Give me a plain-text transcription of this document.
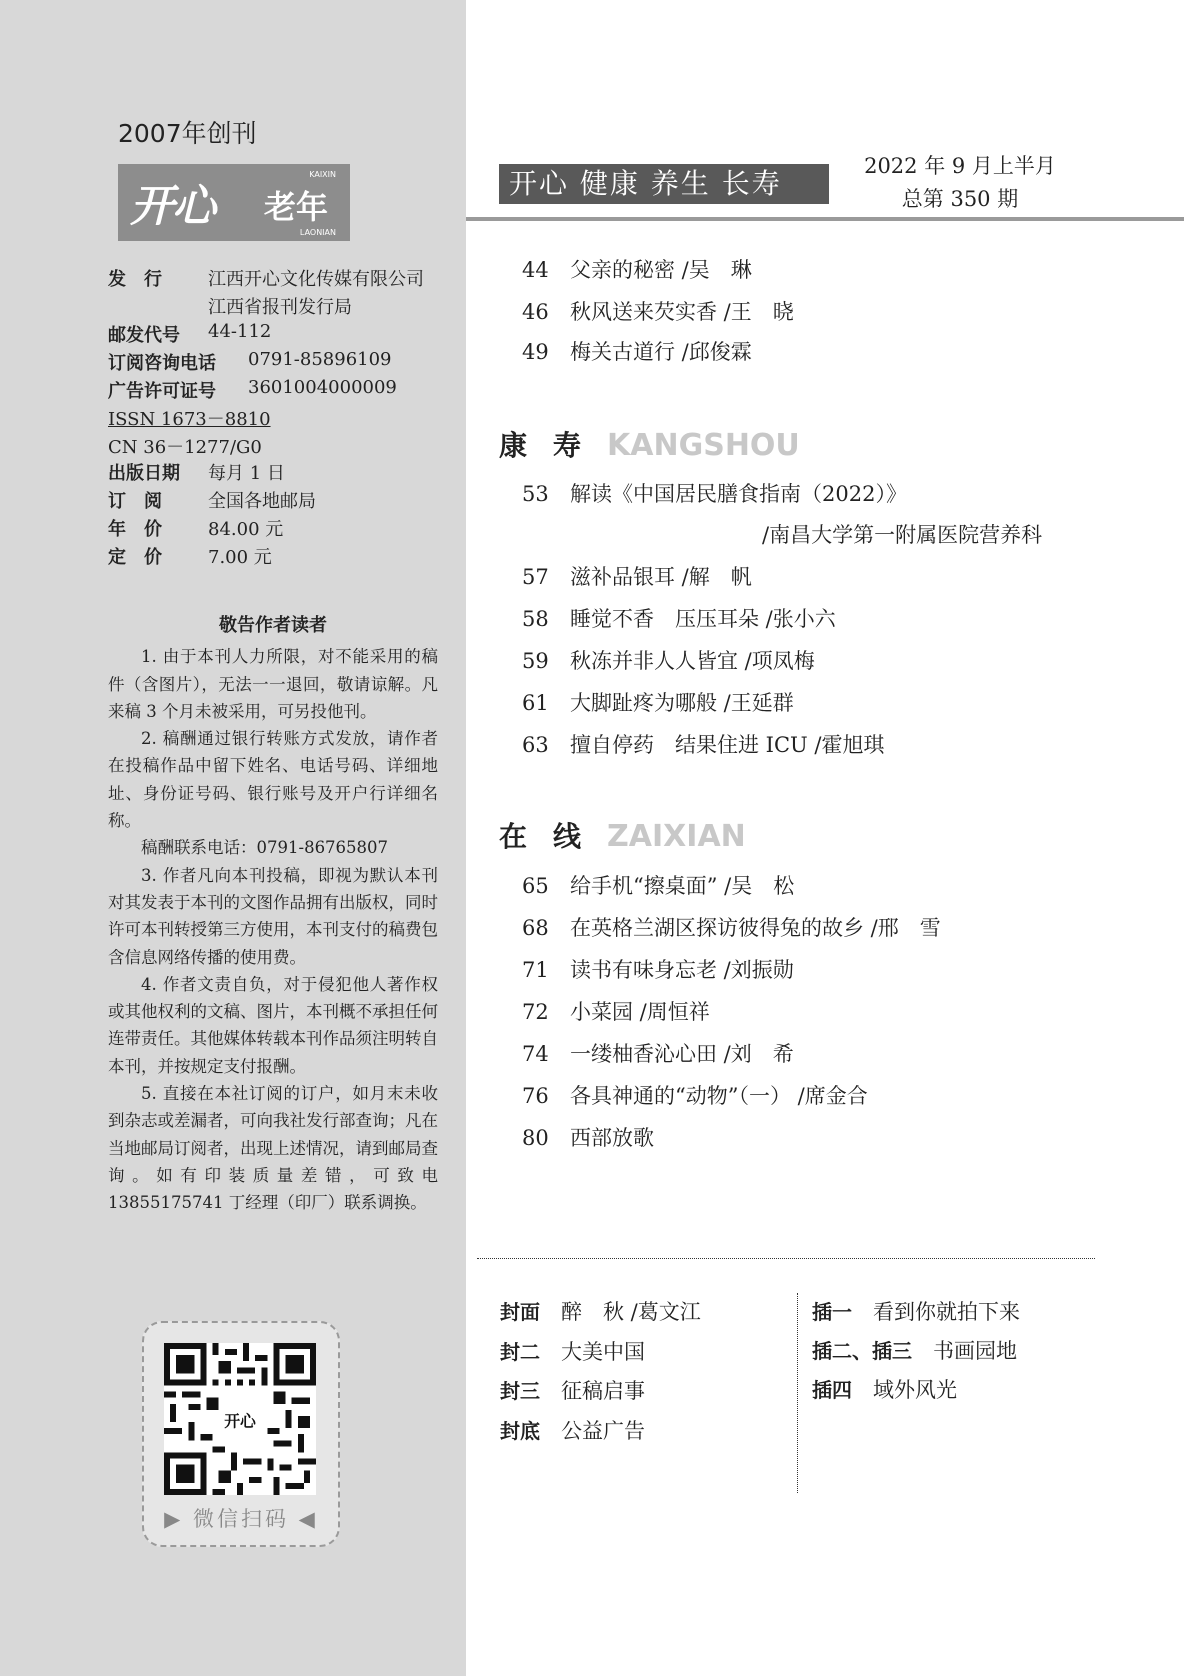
2007年创刊
开心 老年
KAIXIN
LAONIAN
发　行	江西开心文化传媒有限公司
江西省报刊发行局
邮发代号 44-112
订阅咨询电话 0791-85896109
广告许可证号 3601004000009
ISSN 1673－8810
CN 36－1277/G0
出版日期 每月 1 日
订　阅	全国各地邮局
年　价	84.00 元
定　价	7.00 元
敬告作者读者

1. 由于本刊人力所限，对不能采用的稿件（含图片），无法一一退回，敬请谅解。凡来稿 3 个月未被采用，可另投他刊。

2. 稿酬通过银行转账方式发放，请作者在投稿作品中留下姓名、电话号码、详细地址、身份证号码、银行账号及开户行详细名称。

稿酬联系电话：0791-86765807

3. 作者凡向本刊投稿，即视为默认本刊对其发表于本刊的文图作品拥有出版权，同时许可本刊转授第三方使用，本刊支付的稿费包含信息网络传播的使用费。

4. 作者文责自负，对于侵犯他人著作权或其他权利的文稿、图片，本刊概不承担任何连带责任。其他媒体转载本刊作品须注明转自本刊，并按规定支付报酬。

5. 直接在本社订阅的订户，如月末未收到杂志或差漏者，可向我社发行部查询；凡在当地邮局订阅者，出现上述情况，请到邮局查询。如有印装质量差错，可致电 13855175741 丁经理（印厂）联系调换。

开心
▶ 微信扫码 ◀
开心 健康 养生 长寿
2022 年 9 月上半月
总第 350 期
44 父亲的秘密 /吴　琳
46 秋风送来芡实香 /王　晓
49 梅关古道行 /邱俊霖
康寿KANGSHOU
53 解读《中国居民膳食指南（2022）》
/南昌大学第一附属医院营养科
57 滋补品银耳 /解　帆
58 睡觉不香　压压耳朵 /张小六
59 秋冻并非人人皆宜 /项凤梅
61 大脚趾疼为哪般 /王延群
63 擅自停药　结果住进 ICU /霍旭琪
在线ZAIXIAN
65 给手机“擦桌面” /吴　松
68 在英格兰湖区探访彼得兔的故乡 /邢　雪
71 读书有味身忘老 /刘振勋
72 小菜园 /周恒祥
74 一缕柚香沁心田 /刘　希
76 各具神通的“动物”（一） /席金合
80 西部放歌
封面　 醉　秋 /葛文江
封二　 大美中国
封三　 征稿启事
封底　 公益广告
插一　 看到你就拍下来
插二、插三　 书画园地
插四　 域外风光
